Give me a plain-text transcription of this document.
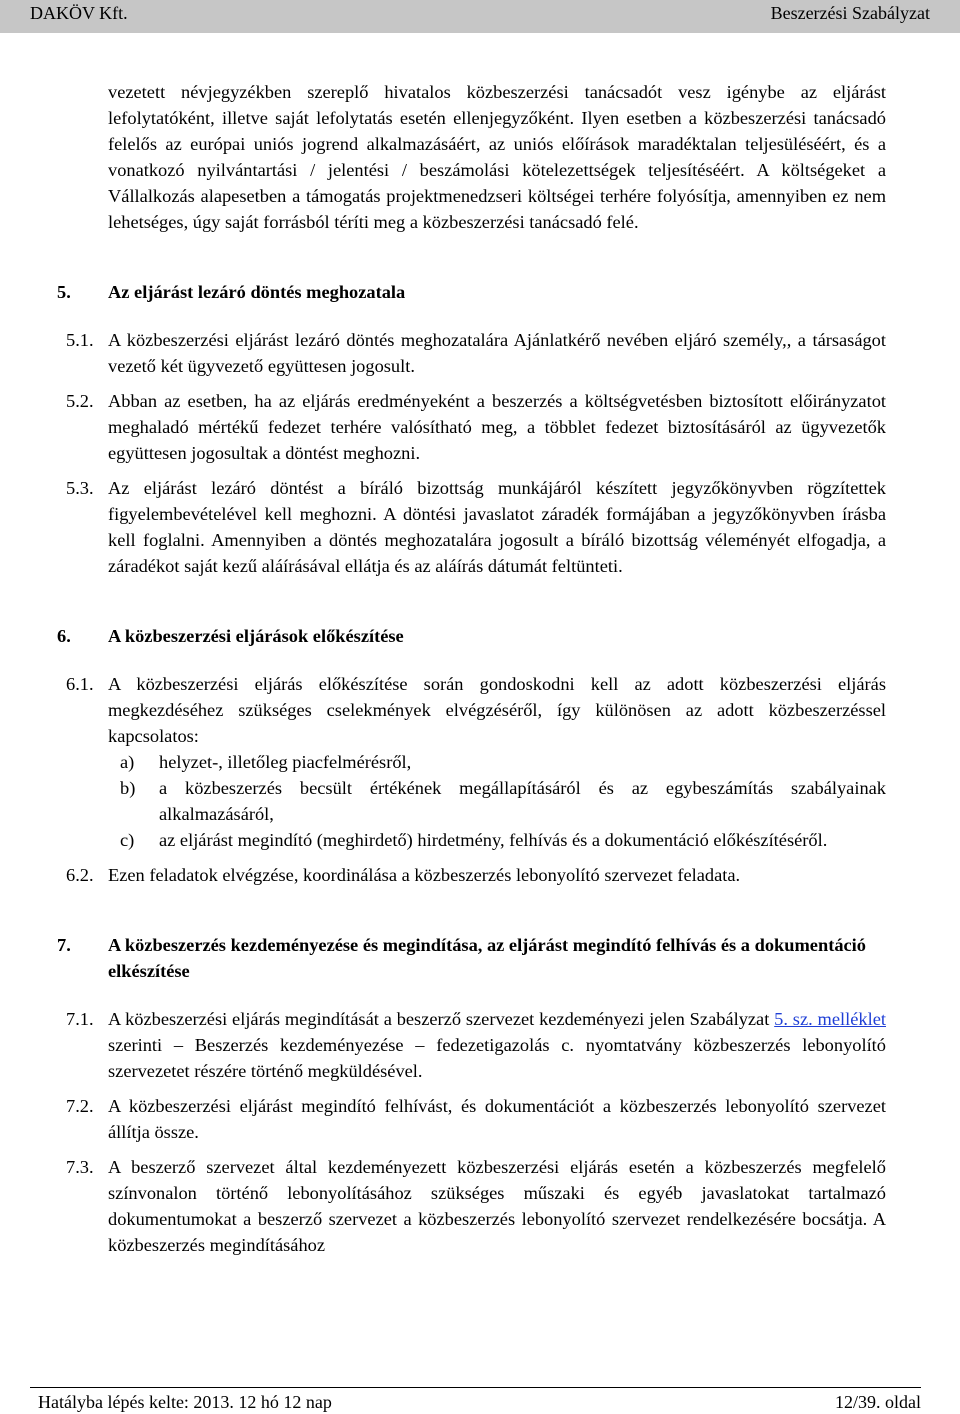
DAKÖV Kft.	Beszerzési Szabályzat

vezetett névjegyzékben szereplő hivatalos közbeszerzési tanácsadót vesz igénybe az eljárást lefolytatóként, illetve saját lefolytatás esetén ellenjegyzőként. Ilyen esetben a közbeszerzési tanácsadó felelős az európai uniós jogrend alkalmazásáért, az uniós előírások maradéktalan teljesüléséért, és a vonatkozó nyilvántartási / jelentési / beszámolási kötelezettségek teljesítéséért. A költségeket a Vállalkozás alapesetben a támogatás projektmenedzseri költségei terhére folyósítja, amennyiben ez nem lehetséges, úgy saját forrásból téríti meg a közbeszerzési tanácsadó felé.

5. Az eljárást lezáró döntés meghozatala
5.1. A közbeszerzési eljárást lezáró döntés meghozatalára Ajánlatkérő nevében eljáró személy,, a társaságot vezető két ügyvezető együttesen jogosult.
5.2. Abban az esetben, ha az eljárás eredményeként a beszerzés a költségvetésben biztosított előirányzatot meghaladó mértékű fedezet terhére valósítható meg, a többlet fedezet biztosításáról az ügyvezetők együttesen jogosultak a döntést meghozni.
5.3. Az eljárást lezáró döntést a bíráló bizottság munkájáról készített jegyzőkönyvben rögzítettek figyelembevételével kell meghozni. A döntési javaslatot záradék formájában a jegyzőkönyvben írásba kell foglalni. Amennyiben a döntés meghozatalára jogosult a bíráló bizottság véleményét elfogadja, a záradékot saját kezű aláírásával ellátja és az aláírás dátumát feltünteti.
6. A közbeszerzési eljárások előkészítése
6.1. A közbeszerzési eljárás előkészítése során gondoskodni kell az adott közbeszerzési eljárás megkezdéséhez szükséges cselekmények elvégzéséről, így különösen az adott közbeszerzéssel kapcsolatos:
a) helyzet-, illetőleg piacfelmérésről,
b) a közbeszerzés becsült értékének megállapításáról és az egybeszámítás szabályainak alkalmazásáról,
c) az eljárást megindító (meghirdető) hirdetmény, felhívás és a dokumentáció előkészítéséről.
6.2. Ezen feladatok elvégzése, koordinálása a közbeszerzés lebonyolító szervezet feladata.
7. A közbeszerzés kezdeményezése és megindítása, az eljárást megindító felhívás és a dokumentáció elkészítése
7.1. A közbeszerzési eljárás megindítását a beszerző szervezet kezdeményezi jelen Szabályzat 5. sz. melléklet szerinti – Beszerzés kezdeményezése – fedezetigazolás c. nyomtatvány közbeszerzés lebonyolító szervezetet részére történő megküldésével.
7.2. A közbeszerzési eljárást megindító felhívást, és dokumentációt a közbeszerzés lebonyolító szervezet állítja össze.
7.3. A beszerző szervezet által kezdeményezett közbeszerzési eljárás esetén a közbeszerzés megfelelő színvonalon történő lebonyolításához szükséges műszaki és egyéb javaslatokat tartalmazó dokumentumokat a beszerző szervezet a közbeszerzés lebonyolító szervezet rendelkezésére bocsátja. A közbeszerzés megindításához
Hatályba lépés kelte: 2013. 12 hó 12 nap	12/39. oldal
